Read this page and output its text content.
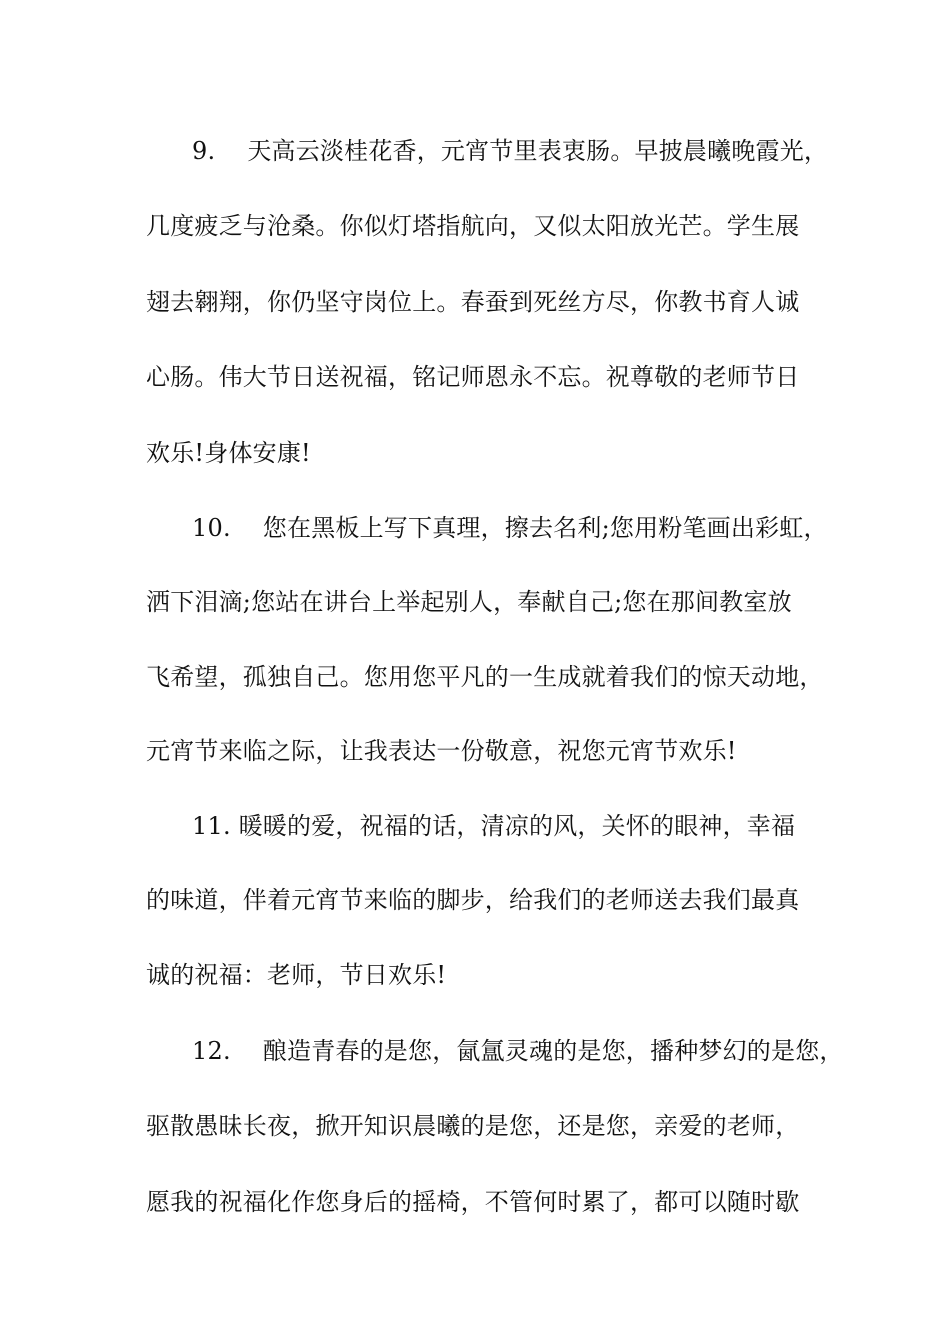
9.　 天高云淡桂花香，元宵节里表衷肠。早披晨曦晚霞光，
几度疲乏与沧桑。你似灯塔指航向，又似太阳放光芒。学生展
翅去翱翔，你仍坚守岗位上。春蚕到死丝方尽，你教书育人诚
心肠。伟大节日送祝福，铭记师恩永不忘。祝尊敬的老师节日
欢乐!身体安康!
10.　 您在黑板上写下真理，擦去名利;您用粉笔画出彩虹，
洒下泪滴;您站在讲台上举起别人，奉献自己;您在那间教室放
飞希望，孤独自己。您用您平凡的一生成就着我们的惊天动地，
元宵节来临之际，让我表达一份敬意，祝您元宵节欢乐!
11. 暖暖的爱，祝福的话，清凉的风，关怀的眼神，幸福
的味道，伴着元宵节来临的脚步，给我们的老师送去我们最真
诚的祝福：老师，节日欢乐!
12.　 酿造青春的是您，氤氲灵魂的是您，播种梦幻的是您，
驱散愚昧长夜，掀开知识晨曦的是您，还是您，亲爱的老师，
愿我的祝福化作您身后的摇椅，不管何时累了，都可以随时歇
